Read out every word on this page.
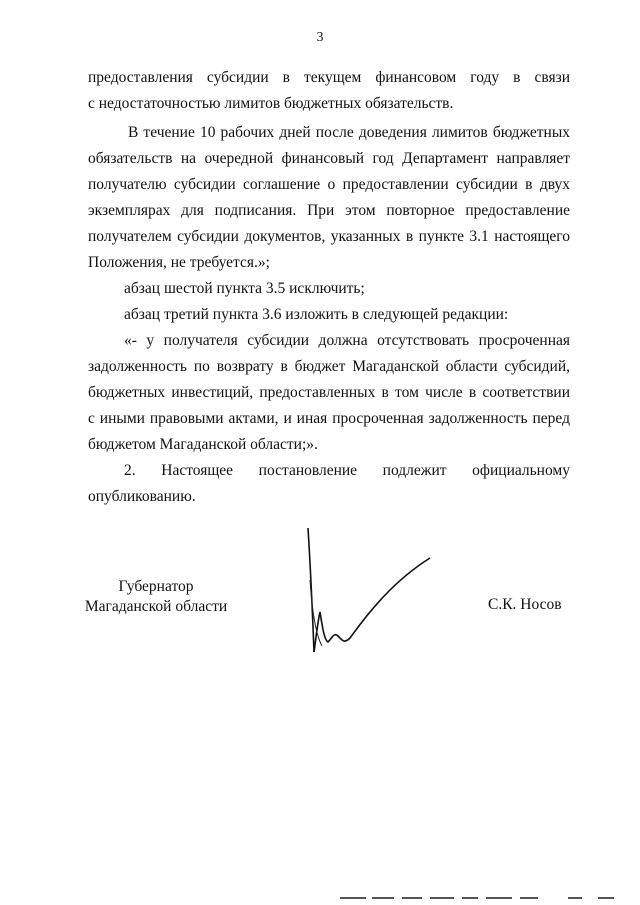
3
предоставления субсидии в текущем финансовом году в связи
с недостаточностью лимитов бюджетных обязательств.
В течение 10 рабочих дней после доведения лимитов бюджетных
обязательств на очередной финансовый год Департамент направляет
получателю субсидии соглашение о предоставлении субсидии в двух
экземплярах для подписания. При этом повторное предоставление
получателем субсидии документов, указанных в пункте 3.1 настоящего
Положения, не требуется.»;
абзац шестой пункта 3.5 исключить;
абзац третий пункта 3.6 изложить в следующей редакции:
«- у получателя субсидии должна отсутствовать просроченная
задолженность по возврату в бюджет Магаданской области субсидий,
бюджетных инвестиций, предоставленных в том числе в соответствии
с иными правовыми актами, и иная просроченная задолженность перед
бюджетом Магаданской области;».
2. Настоящее постановление подлежит официальному
опубликованию.
Губернатор
Магаданской области	С.К. Носов
